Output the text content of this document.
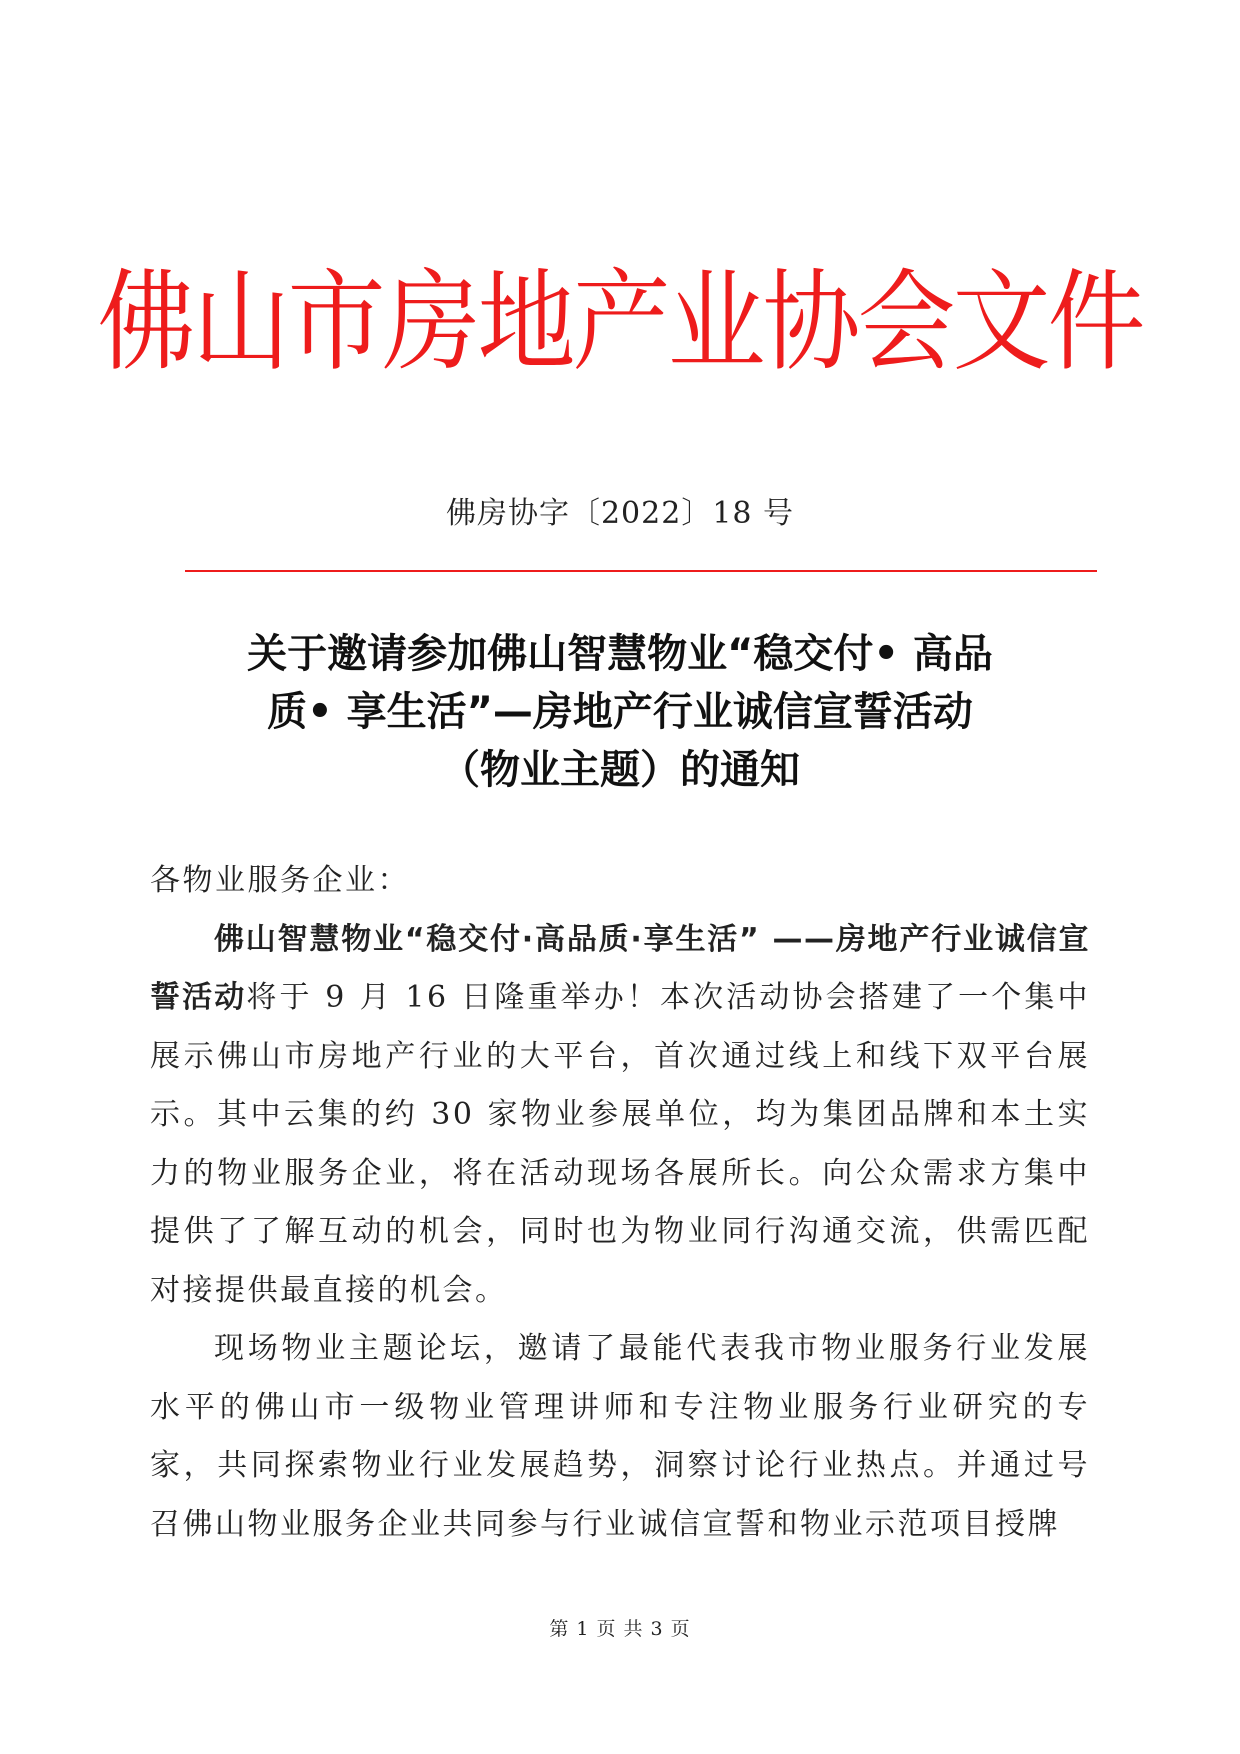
佛山市房地产业协会文件
佛房协字〔2022〕18 号
关于邀请参加佛山智慧物业“稳交付• 高品
质• 享生活”—房地产行业诚信宣誓活动
（物业主题）的通知

各物业服务企业：

佛山智慧物业“稳交付·高品质·享生活” ——房地产行业诚信宣誓活动将于 9 月 16 日隆重举办！本次活动协会搭建了一个集中展示佛山市房地产行业的大平台，首次通过线上和线下双平台展示。其中云集的约 30 家物业参展单位，均为集团品牌和本土实力的物业服务企业，将在活动现场各展所长。向公众需求方集中提供了了解互动的机会，同时也为物业同行沟通交流，供需匹配对接提供最直接的机会。

现场物业主题论坛，邀请了最能代表我市物业服务行业发展水平的佛山市一级物业管理讲师和专注物业服务行业研究的专家，共同探索物业行业发展趋势，洞察讨论行业热点。并通过号召佛山物业服务企业共同参与行业诚信宣誓和物业示范项目授牌

第 1 页 共 3 页
